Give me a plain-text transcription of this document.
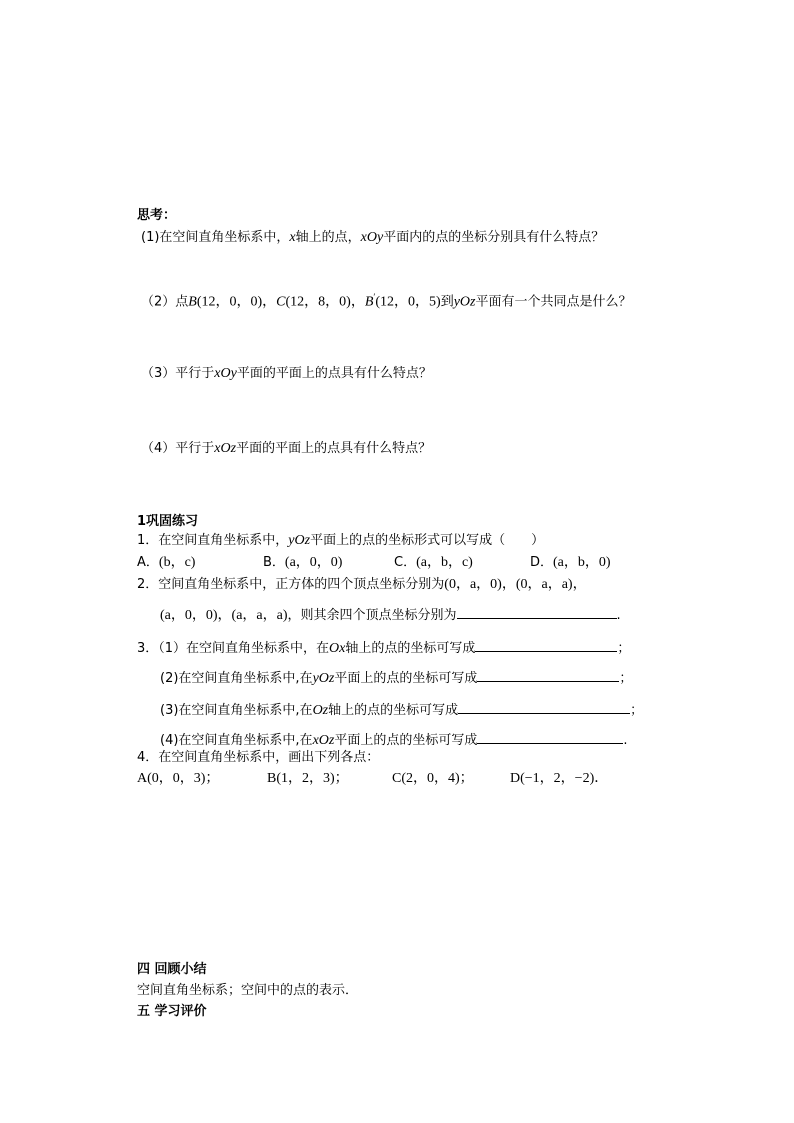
思考：
(1)在空间直角坐标系中，x轴上的点，xOy平面内的点的坐标分别具有什么特点？
（2）点B(12，0，0)，C(12，8，0)，B′(12，0，5)到yOz平面有一个共同点是什么？
（3）平行于xOy平面的平面上的点具有什么特点？
（4）平行于xOz平面的平面上的点具有什么特点？
1巩固练习
1．在空间直角坐标系中，yOz平面上的点的坐标形式可以写成（　　）
A．(b，c)	B．(a，0，0)	C．(a，b，c)	D．(a，b，0)
2．空间直角坐标系中，正方体的四个顶点坐标分别为(0，a，0)，(0，a，a)，
(a，0，0)，(a，a，a)，则其余四个顶点坐标分别为	.
3．（1）在空间直角坐标系中，在Ox轴上的点的坐标可写成	；
(2)在空间直角坐标系中,在yOz平面上的点的坐标可写成	；
(3)在空间直角坐标系中,在Oz轴上的点的坐标可写成	；
(4)在空间直角坐标系中,在xOz平面上的点的坐标可写成	.
4．在空间直角坐标系中，画出下列各点：
A(0，0，3)；	B(1，2，3)；	C(2，0，4)；	D(−1，2，−2)．
四 回顾小结
空间直角坐标系；空间中的点的表示．
五 学习评价
